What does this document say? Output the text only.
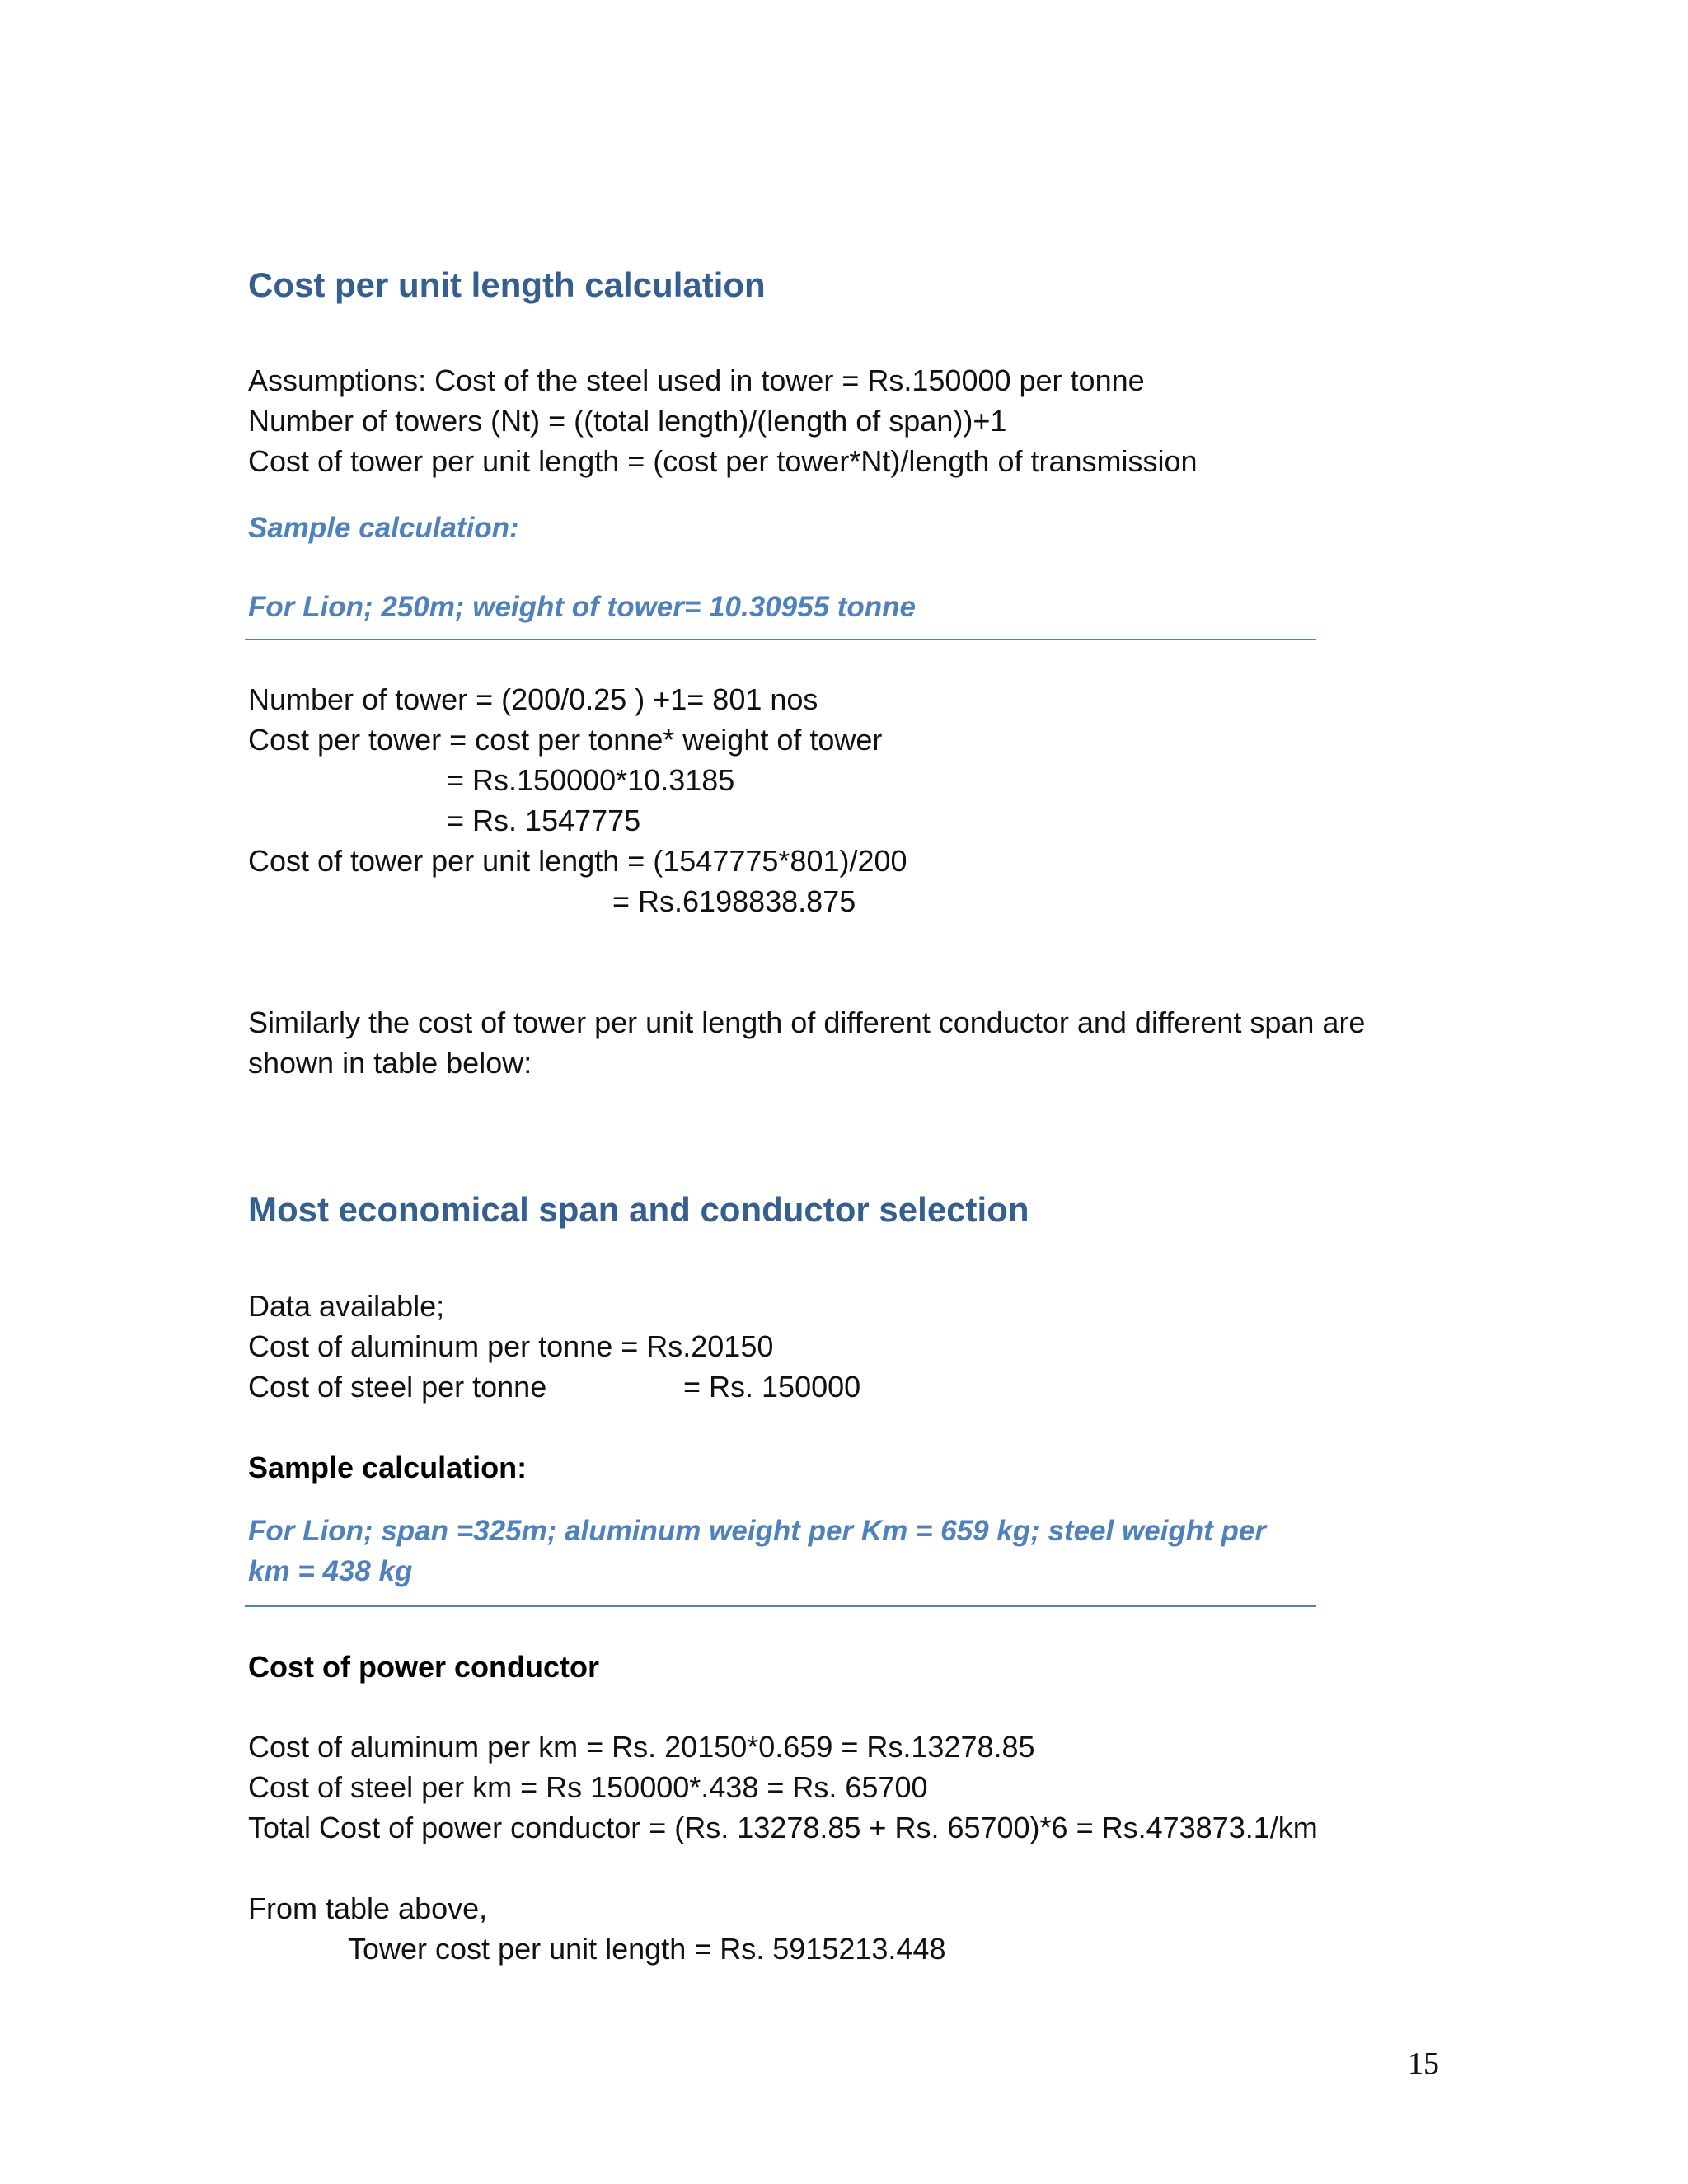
Cost per unit length calculation
Assumptions: Cost of the steel used in tower = Rs.150000 per tonne
Number of towers (Nt) = ((total length)/(length of span))+1
Cost of tower per unit length = (cost per tower*Nt)/length of transmission
Sample calculation:
For Lion; 250m; weight of tower= 10.30955 tonne
Number of tower = (200/0.25 ) +1= 801 nos
Cost per tower = cost per tonne* weight of tower
= Rs.150000*10.3185
= Rs. 1547775
Cost of tower per unit length = (1547775*801)/200
= Rs.6198838.875
Similarly the cost of tower per unit length of different conductor and different span are
shown in table below:
Most economical span and conductor selection
Data available;
Cost of aluminum per tonne = Rs.20150
Cost of steel per tonne	= Rs. 150000
Sample calculation:
For Lion; span =325m; aluminum weight per Km = 659 kg; steel weight per
km = 438 kg
Cost of power conductor
Cost of aluminum per km = Rs. 20150*0.659 = Rs.13278.85
Cost of steel per km = Rs 150000*.438 = Rs. 65700
Total Cost of power conductor = (Rs. 13278.85 + Rs. 65700)*6 = Rs.473873.1/km
From table above,
Tower cost per unit length = Rs. 5915213.448
15
